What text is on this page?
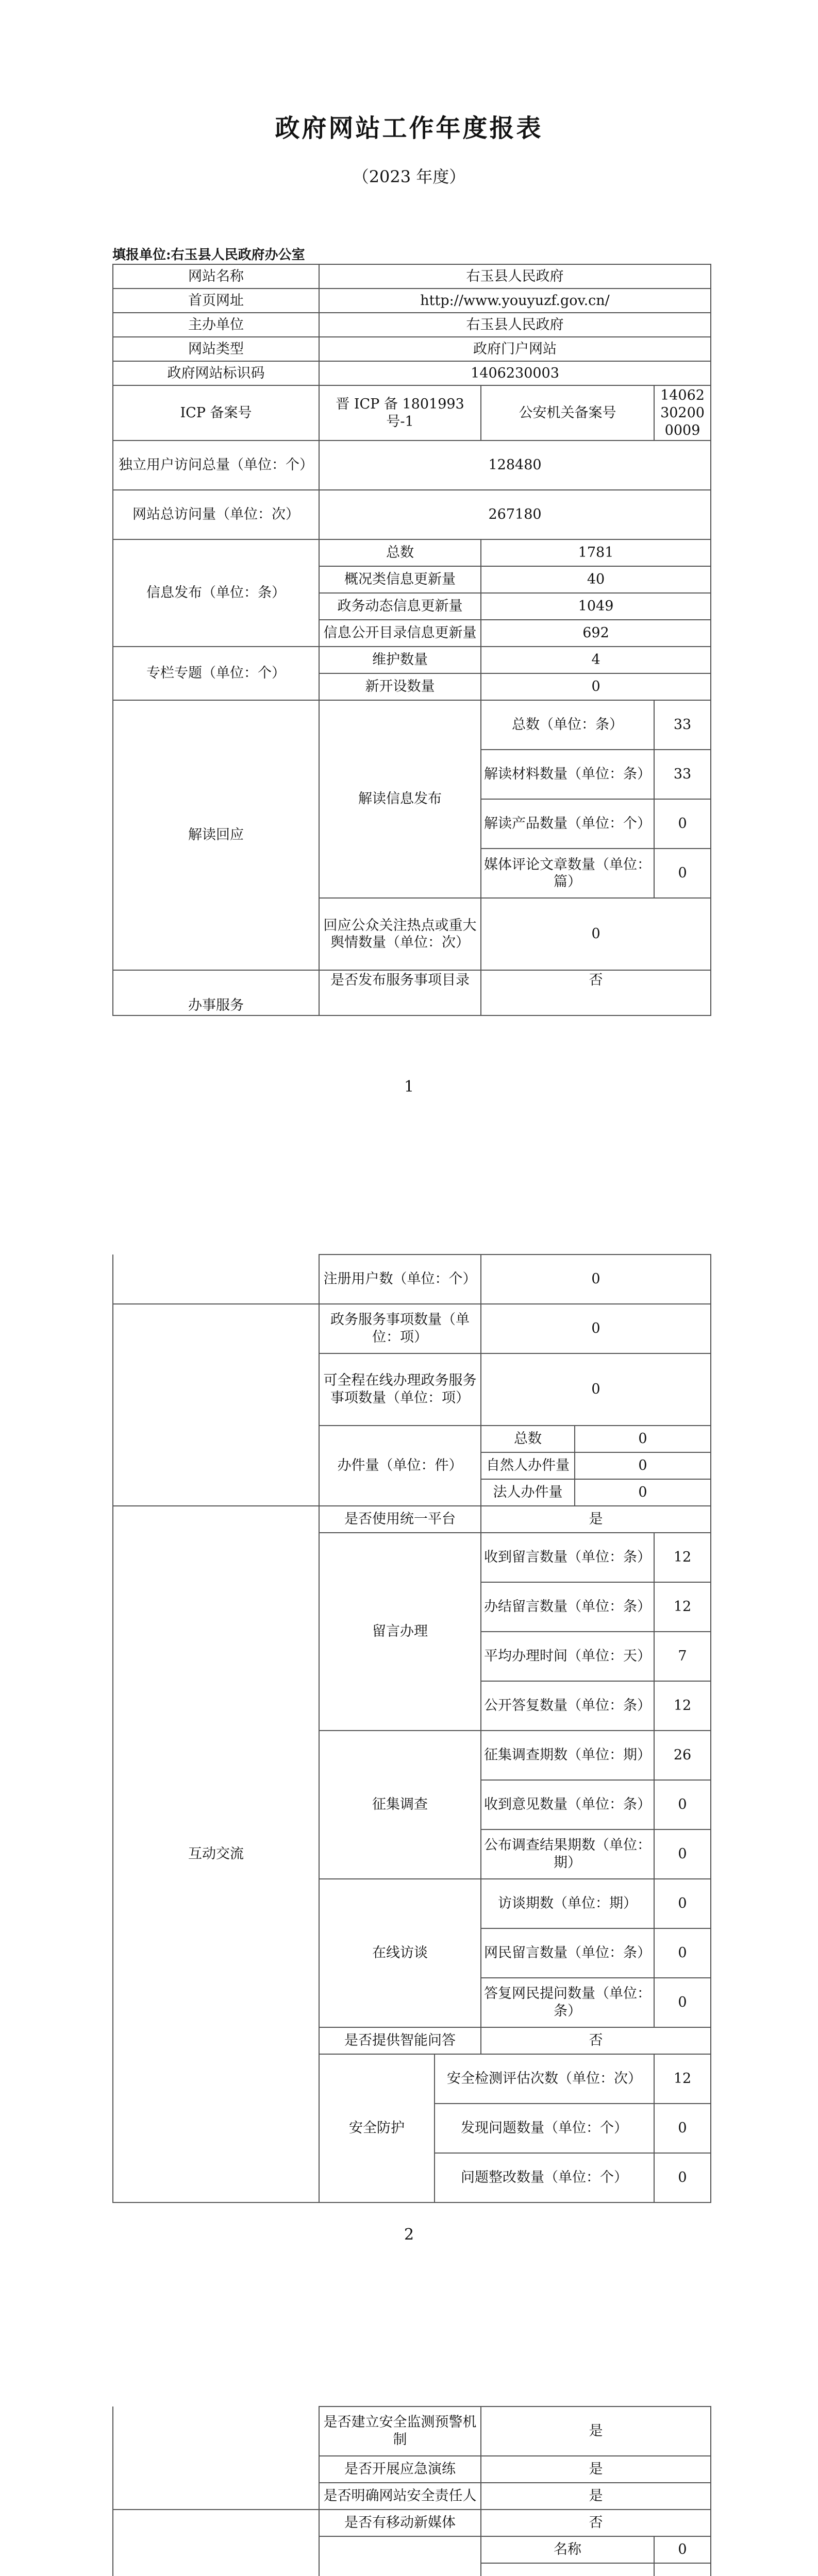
政府网站工作年度报表
（2023 年度）
填报单位:右玉县人民政府办公室
网站名称	右玉县人民政府		
首页网址	http://www.youyuzf.gov.cn/		
主办单位	右玉县人民政府		
网站类型	政府门户网站		
政府网站标识码	1406230003		
ICP 备案号	晋 ICP 备 1801993 号-1	公安机关备案号	14062302000009
独立用户访问总量（单位：个）	128480		
网站总访问量（单位：次）	267180		
信息发布（单位：条）	总数	1781	
	概况类信息更新量	40	
	政务动态信息更新量	1049	
	信息公开目录信息更新量	692	
专栏专题（单位：个）	维护数量	4	
	新开设数量	0	
解读回应	解读信息发布	总数（单位：条）	33
		解读材料数量（单位：条）	33
		解读产品数量（单位：个）	0
		媒体评论文章数量（单位：篇）	0
	回应公众关注热点或重大舆情数量（单位：次）	0	
办事服务	是否发布服务事项目录	否	
1
	注册用户数（单位：个）		0		
	政务服务事项数量（单位：项）		0		
	可全程在线办理政务服务事项数量（单位：项）		0		
	办件量（单位：件）		总数	0	
			自然人办件量	0	
			法人办件量	0	
互动交流	是否使用统一平台		是		
	留言办理		收到留言数量（单位：条）		12
			办结留言数量（单位：条）		12
			平均办理时间（单位：天）		7
			公开答复数量（单位：条）		12
	征集调查		征集调查期数（单位：期）		26
			收到意见数量（单位：条）		0
			公布调查结果期数（单位：期）		0
	在线访谈		访谈期数（单位：期）		0
			网民留言数量（单位：条）		0
			答复网民提问数量（单位：条）		0
	是否提供智能问答		否		
	安全防护	安全检测评估次数（单位：次）			12
		发现问题数量（单位：个）			0
		问题整改数量（单位：个）			0
2
	是否建立安全监测预警机制		是	
	是否开展应急演练		是	
	是否明确网站安全责任人		是	
	是否有移动新媒体		否	
	名称	0
